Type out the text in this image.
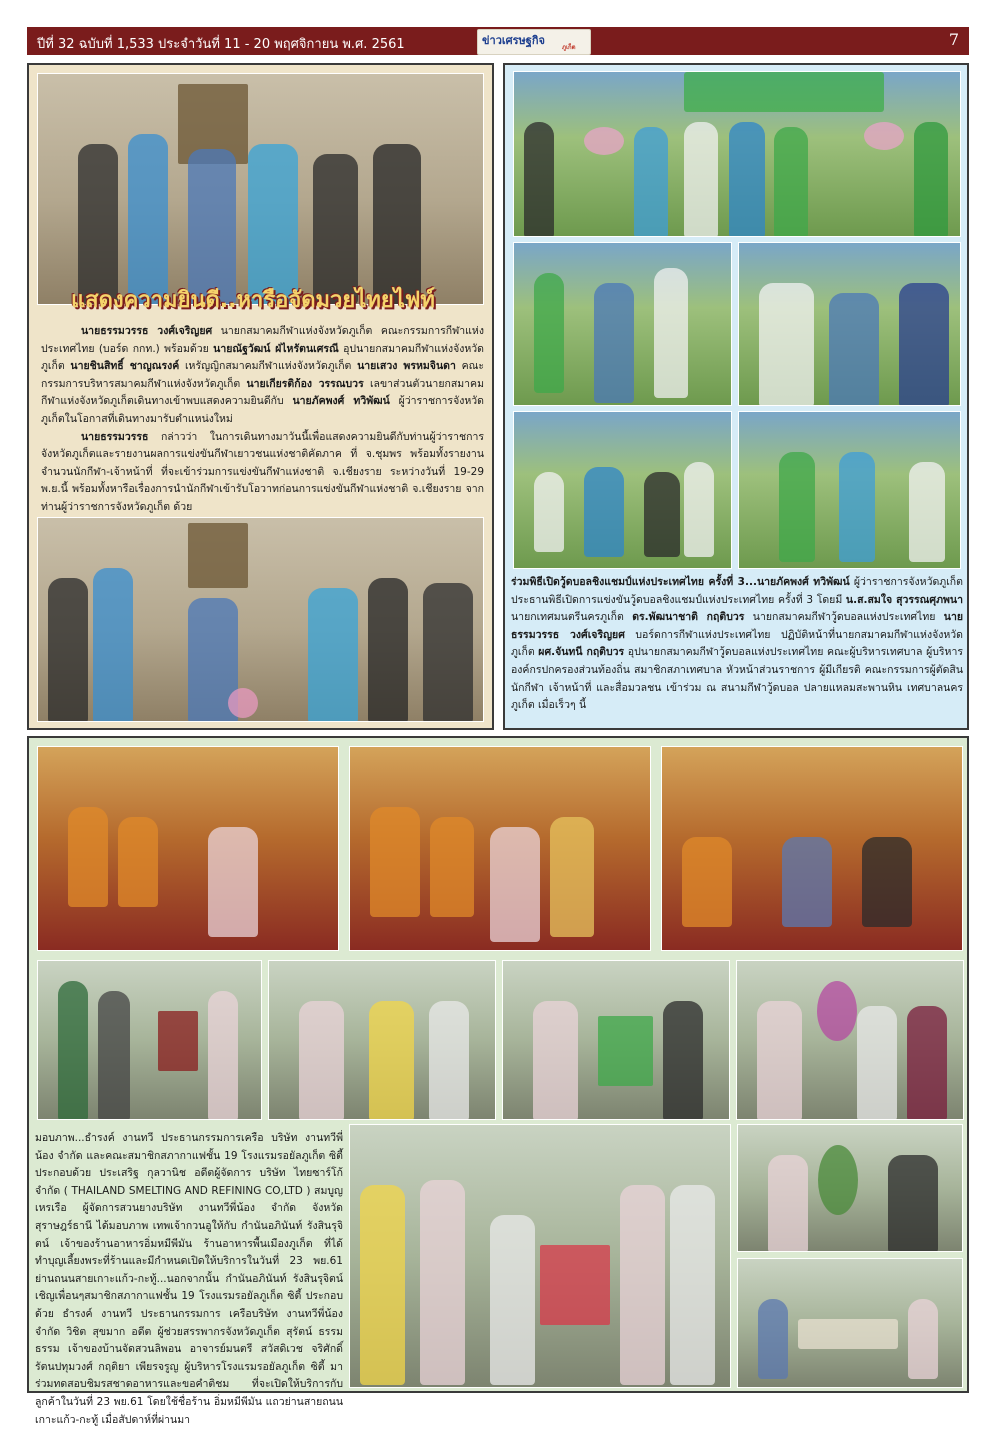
ปีที่ 32 ฉบับที่ 1,533 ประจำวันที่ 11 - 20 พฤศจิกายน พ.ศ. 2561	ข่าวเศรษฐกิจ
ภูเก็ต	7
แสดงความยินดี..หารือจัดมวยไทยไฟท์
นายธรรมวรรธ วงศ์เจริญยศ นายกสมาคมกีฬาแห่งจังหวัดภูเก็ต คณะกรรมการกีฬาแห่งประเทศไทย (บอร์ด กกท.) พร้อมด้วย นายณัฐวัฒน์ ฝ่ไหรัตนเศรณี อุปนายกสมาคมกีฬาแห่งจังหวัดภูเก็ต นายชินสิทธิ์ ชาญณรงค์ เหรัญญิกสมาคมกีฬาแห่งจังหวัดภูเก็ต นายเสวง พรหมจินดา คณะกรรมการบริหารสมาคมกีฬาแห่งจังหวัดภูเก็ต นายเกียรติก้อง วรรณบวร เลขาส่วนตัวนายกสมาคมกีฬาแห่งจังหวัดภูเก็ตเดินทางเข้าพบแสดงความยินดีกับ นายภัคพงศ์ ทวิพัฒน์ ผู้ว่าราชการจังหวัดภูเก็ตในโอกาสที่เดินทางมารับตำแหน่งใหม่
นายธรรมวรรธ กล่าวว่า ในการเดินทางมาวันนี้เพื่อแสดงความยินดีกับท่านผู้ว่าราชการจังหวัดภูเก็ตและรายงานผลการแข่งขันกีฬาเยาวชนแห่งชาติคัดภาค ที่ จ.ชุมพร พร้อมทั้งรายงานจำนวนนักกีฬา-เจ้าหน้าที่ ที่จะเข้าร่วมการแข่งขันกีฬาแห่งชาติ จ.เชียงราย ระหว่างวันที่ 19-29 พ.ย.นี้ พร้อมทั้งหารือเรื่องการนำนักกีฬาเข้ารับโอวาทก่อนการแข่งขันกีฬาแห่งชาติ จ.เชียงราย จากท่านผู้ว่าราชการจังหวัดภูเก็ต ด้วย
ร่วมพิธีเปิดวู้ดบอลชิงแชมป์แห่งประเทศไทย ครั้งที่ 3...นายภัคพงศ์ ทวิพัฒน์ ผู้ว่าราชการจังหวัดภูเก็ต ประธานพิธีเปิดการแข่งขันวู้ดบอลชิงแชมป์แห่งประเทศไทย ครั้งที่ 3 โดยมี น.ส.สมใจ สุวรรณศุภพนา นายกเทศมนตรีนครภูเก็ต ดร.พัฒนาชาติ กฤติบวร นายกสมาคมกีฬาวู้ดบอลแห่งประเทศไทย นายธรรมวรรธ วงศ์เจริญยศ บอร์ดการกีฬาแห่งประเทศไทย ปฏิบัติหน้าที่นายกสมาคมกีฬาแห่งจังหวัดภูเก็ต ผศ.จันทนี กฤติบวร อุปนายกสมาคมกีฬาวู้ดบอลแห่งประเทศไทย คณะผู้บริหารเทศบาล ผู้บริหารองค์กรปกครองส่วนท้องถิ่น สมาชิกสภาเทศบาล หัวหน้าส่วนราชการ ผู้มีเกียรติ คณะกรรมการผู้ตัดสิน นักกีฬา เจ้าหน้าที่ และสื่อมวลชน เข้าร่วม ณ สนามกีฬาวู้ดบอล ปลายแหลมสะพานหิน เทศบาลนครภูเก็ต เมื่อเร็วๆ นี้
มอบภาพ...ธำรงค์ งานทวี ประธานกรรมการเครือ บริษัท งานทวีพี่น้อง จำกัด และคณะสมาชิกสภากาแฟชั้น 19 โรงแรมรอยัลภูเก็ต ซิตี้ ประกอบด้วย ประเสริฐ กุลวานิช อดีตผู้จัดการ บริษัท ไทยซาร์โก้ จำกัด ( THAILAND SMELTING AND REFINING CO,LTD ) สมบูญ เหรเรือ ผู้จัดการสวนยางบริษัท งานทวีพี่น้อง จำกัด จังหวัดสุราษฎร์ธานี ได้มอบภาพ เทพเจ้ากวนอูให้กับ กำนันอภินันท์ รังสินรุจิตน์ เจ้าของร้านอาหารอิ่มหมีพีมัน ร้านอาหารพื้นเมืองภูเก็ต ที่ได้ทำบุญเลี้ยงพระที่ร้านและมีกำหนดเปิดให้บริการในวันที่ 23 พย.61 ย่านถนนสายเกาะแก้ว-กะทู้...นอกจากนั้น กำนันอภินันท์ รังสินรุจิตน์ เชิญเพื่อนๆสมาชิกสภากาแฟชั้น 19 โรงแรมรอยัลภูเก็ต ซิตี้ ประกอบด้วย ธำรงค์ งานทวี ประธานกรรมการ เครือบริษัท งานทวีพี่น้อง จำกัด วิชิต สุขมาก อดีต ผู้ช่วยสรรพากรจังหวัดภูเก็ต สุรัตน์ ธรรมธรรม เจ้าของบ้านจัดสวนลิพอน อาจารย์มนตรี สวัสดิเวช จริศักดิ์ รัตนปทุมวงศ์ กฤติยา เพียรจรูญ ผู้บริหารโรงแรมรอยัลภูเก็ต ซิตี้ มาร่วมทดสอบชิมรสชาดอาหารและขอคำติชม ที่จะเปิดให้บริการกับลูกค้าในวันที่ 23 พย.61 โดยใช้ชื่อร้าน อิ่มหมีพีมัน แถวย่านสายถนนเกาะแก้ว-กะทู้ เมื่อสัปดาห์ที่ผ่านมา
